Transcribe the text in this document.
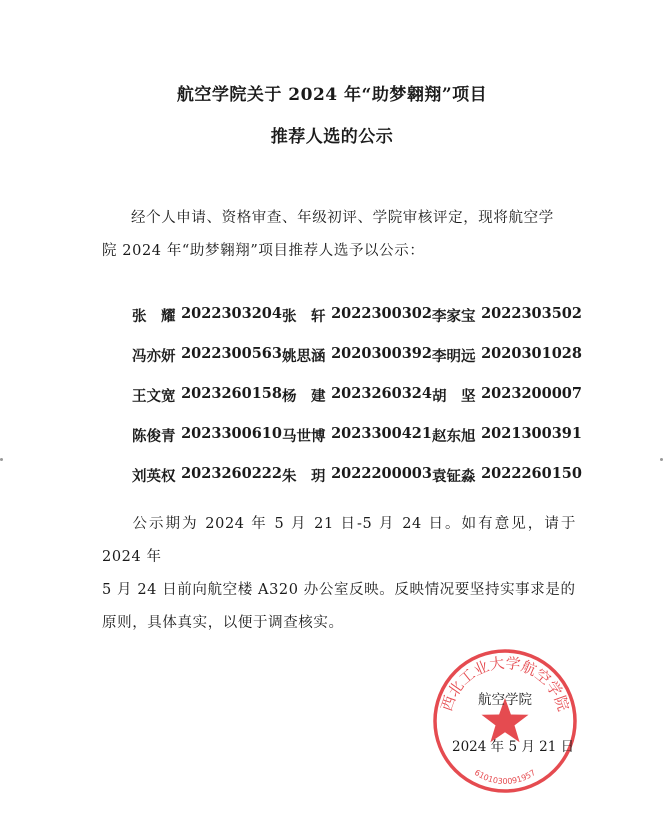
航空学院关于 2024 年“助梦翱翔”项目
推荐人选的公示
经个人申请、资格审查、年级初评、学院审核评定，现将航空学
院 2024 年“助梦翱翔”项目推荐人选予以公示：
张　耀 2022303204 张　轩 2022300302 李家宝 2022303502
冯亦妍 2022300563 姚思涵 2020300392 李明远 2020301028
王文宽 2023260158 杨　建 2023260324 胡　坚 2023200007
陈俊青 2023300610 马世博 2023300421 赵东旭 2021300391
刘英权 2023260222 朱　玥 2022200003 袁钲淼 2022260150
公示期为 2024 年 5 月 21 日-5 月 24 日。如有意见，请于 2024 年
5 月 24 日前向航空楼 A320 办公室反映。反映情况要坚持实事求是的
原则，具体真实，以便于调查核实。
西北工业大学航空学院
6101030091957
航空学院
2024 年 5 月 21 日
